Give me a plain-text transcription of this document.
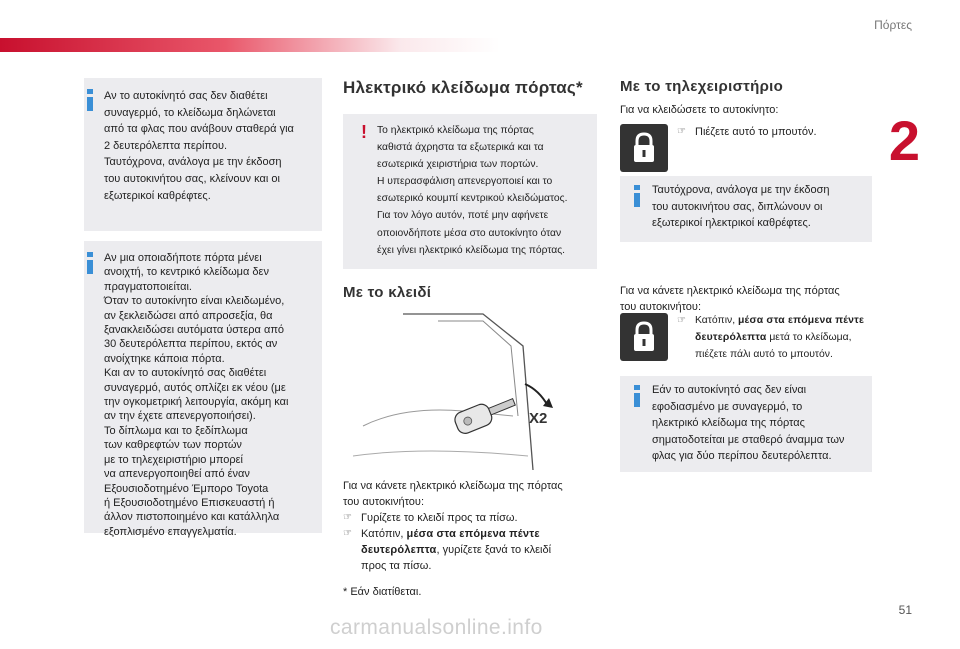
Πόρτες
2
51

Αν το αυτοκίνητό σας δεν διαθέτει

συναγερμό, το κλείδωμα δηλώνεται

από τα φλας που ανάβουν σταθερά για

2 δευτερόλεπτα περίπου.

Ταυτόχρονα, ανάλογα με την έκδοση

του αυτοκινήτου σας, κλείνουν και οι

εξωτερικοί καθρέφτες.

Αν μια οποιαδήποτε πόρτα μένει

ανοιχτή, το κεντρικό κλείδωμα δεν

πραγματοποιείται.

Όταν το αυτοκίνητο είναι κλειδωμένο,

αν ξεκλειδώσει από απροσεξία, θα

ξανακλειδώσει αυτόματα ύστερα από

30 δευτερόλεπτα περίπου, εκτός αν

ανοίχτηκε κάποια πόρτα.

Και αν το αυτοκίνητό σας διαθέτει

συναγερμό, αυτός οπλίζει εκ νέου (με

την ογκομετρική λειτουργία, ακόμη και

αν την έχετε απενεργοποιήσει).

Το δίπλωμα και το ξεδίπλωμα

των καθρεφτών των πορτών

με το τηλεχειριστήριο μπορεί

να απενεργοποιηθεί από έναν

Εξουσιοδοτημένο Έμπορο Toyota

ή Εξουσιοδοτημένο Επισκευαστή ή

άλλον πιστοποιημένο και κατάλληλα

εξοπλισμένο επαγγελματία.

Ηλεκτρικό κλείδωμα πόρτας*
! Το ηλεκτρικό κλείδωμα της πόρτας

καθιστά άχρηστα τα εξωτερικά και τα

εσωτερικά χειριστήρια των πορτών.

Η υπερασφάλιση απενεργοποιεί και το

εσωτερικό κουμπί κεντρικού κλειδώματος.

Για τον λόγο αυτόν, ποτέ μην αφήνετε

οποιονδήποτε μέσα στο αυτοκίνητο όταν

έχει γίνει ηλεκτρικό κλείδωμα της πόρτας.

Με το κλειδί
X2
Για να κάνετε ηλεκτρικό κλείδωμα της πόρτας
του αυτοκινήτου:
☞ Γυρίζετε το κλειδί προς τα πίσω.
☞ Κατόπιν, μέσα στα επόμενα πέντε
δευτερόλεπτα, γυρίζετε ξανά το κλειδί
προς τα πίσω.
* Εάν διατίθεται.
Με το τηλεχειριστήριο
Για να κλειδώσετε το αυτοκίνητο:
☞ Πιέζετε αυτό το μπουτόν.

Ταυτόχρονα, ανάλογα με την έκδοση

του αυτοκινήτου σας, διπλώνουν οι

εξωτερικοί ηλεκτρικοί καθρέφτες.

Για να κάνετε ηλεκτρικό κλείδωμα της πόρτας
του αυτοκινήτου:
☞ Κατόπιν, μέσα στα επόμενα πέντε
δευτερόλεπτα μετά το κλείδωμα,
πιέζετε πάλι αυτό το μπουτόν.

Εάν το αυτοκίνητό σας δεν είναι

εφοδιασμένο με συναγερμό, το

ηλεκτρικό κλείδωμα της πόρτας

σηματοδοτείται με σταθερό άναμμα των

φλας για δύο περίπου δευτερόλεπτα.

carmanualsonline.info
